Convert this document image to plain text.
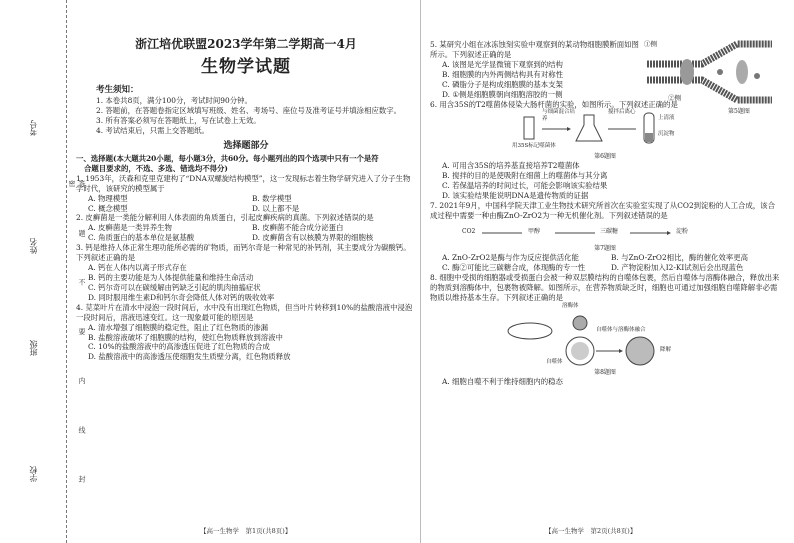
考号
姓名
班级
学校	答 题 不 要 内 线 封 密
浙江培优联盟2023学年第二学期高一4月
生物学试题
考生须知：

1. 本卷共8页，满分100分，考试时间90分钟。

2. 答题前，在答题卷指定区域填写班级、姓名、考场号、座位号及准考证号并填涂相应数字。

3. 所有答案必须写在答题纸上，写在试卷上无效。

4. 考试结束后，只需上交答题纸。

选择题部分

一、选择题(本大题共20小题，每小题3分，共60分。每小题列出的四个选项中只有一个是符

合题目要求的，不选、多选、错选均不得分)

1. 1953年，沃森和克里克建构了“DNA双螺旋结构模型”，这一发现标志着生物学研究进入了分子生物学时代，该研究的模型属于

A. 物理模型	B. 数学模型
C. 概念模型	D. 以上都不是

2. 皮癣菌是一类能分解利用人体表面的角质蛋白，引起皮癣疾病的真菌。下列叙述错误的是

A. 皮癣菌是一类异养生物	B. 皮癣菌不能合成分泌蛋白
C. 角质蛋白的基本单位是氨基酸	D. 皮癣菌含有以核膜为界限的细胞核

3. 钙是维持人体正常生理功能所必需的矿物质，而钙尔奇是一种常见的补钙剂，其主要成分为碳酸钙。下列叙述正确的是

A. 钙在人体内以离子形式存在

B. 钙的主要功能是为人体提供能量和维持生命活动

C. 钙尔奇可以在碳缓解由钙缺乏引起的肌肉抽搐症状

D. 同时服用维生素D和钙尔奇会降低人体对钙的吸收效率

4. 苋菜叶片在清水中浸泡一段时间后，水中没有出现红色物质，但当叶片转移到10%的盐酸溶液中浸泡一段时间后，溶液迅速变红。这一现象最可能的原因是

A. 清水增强了细胞膜的稳定性，阻止了红色物质的渗漏

B. 盐酸溶液破坏了细胞膜的结构，使红色物质释放到溶液中

C. 10%的盐酸溶液中的高渗透压促进了红色物质的合成

D. 盐酸溶液中的高渗透压使细胞发生质壁分离，红色物质释放

5. 某研究小组在冰冻蚀刻实验中观察到的某动物细胞膜断面如图所示。下列叙述正确的是

A. 该图是光学显微镜下观察到的结构

B. 细胞膜的内外两侧结构具有对称性

C. 磷脂分子是构成细胞膜的基本支架

D. ①侧是细胞膜朝向细胞溶胶的一侧

①侧
②侧
第5题图

6. 用含35S的T2噬菌体侵染大肠杆菌的实验，如图所示。下列叙述正确的是

与细菌混合培养
搅拌后离心
上清液
沉淀物
用35S标记噬菌体

第6题图

A. 可用含35S的培养基直接培养T2噬菌体

B. 搅拌的目的是使吸附在细菌上的噬菌体与其分离

C. 若保温培养的时间过长，可能会影响该实验结果

D. 该实验结果能说明DNA是遗传物质的证据

7. 2021年9月，中国科学院天津工业生物技术研究所首次在实验室实现了从CO2到淀粉的人工合成，该合成过程中需要一种由酶ZnO-ZrO2为一种无机催化剂。下列叙述错误的是

CO2	甲醇	三碳糖	淀粉

第7题图

A. ZnO-ZrO2是酶与作为反应提供活化能	B. 与ZnO-ZrO2相比，酶的催化效率更高
C. 酶②可能比三碳糖合成，体现酶的专一性	D. 产物淀粉加入I2-KI试剂后会出现蓝色

8. 细胞中受损的细胞器或受损蛋白会被一种双层膜结构的自噬体包裹，然后自噬体与溶酶体融合，释放出来的物质到溶酶体中，包裹物被降解。如图所示，在营养物质缺乏时，细胞也可通过加强细胞自噬降解非必需物质以维持基本生存。下列叙述正确的是

溶酶体
自噬体与溶酶体融合
自噬体
降解

第8题图

A. 细胞自噬不利于维持细胞内的稳态

【高一生物学　第1页(共8页)】	【高一生物学　第2页(共8页)】
